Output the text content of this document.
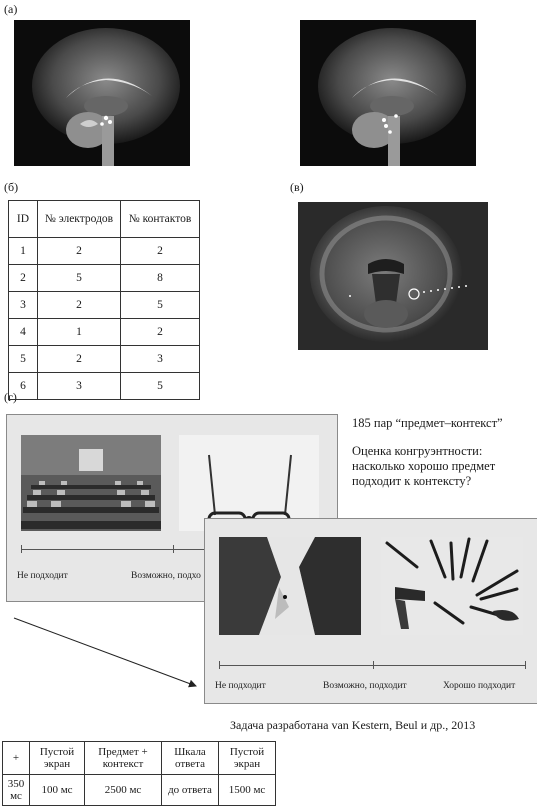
(а)
(б)	(в)
(г)
ID	№ электродов	№ контактов
1	2	2
2	5	8
3	2	5
4	1	2
5	2	3
6	3	5
185 пар “предмет–контекст”
Оценка конгруэнтности: насколько хорошо предмет подходит к контексту?
Не подходит	Возможно, подхо
Не подходит	Возможно, подходит	Хорошо подходит
Задача разработана van Kestern, Beul и др., 2013
+	Пустой экран	Предмет + контекст	Шкала ответа	Пустой экран
350 мс	100 мс	2500 мс	до ответа	1500 мс
